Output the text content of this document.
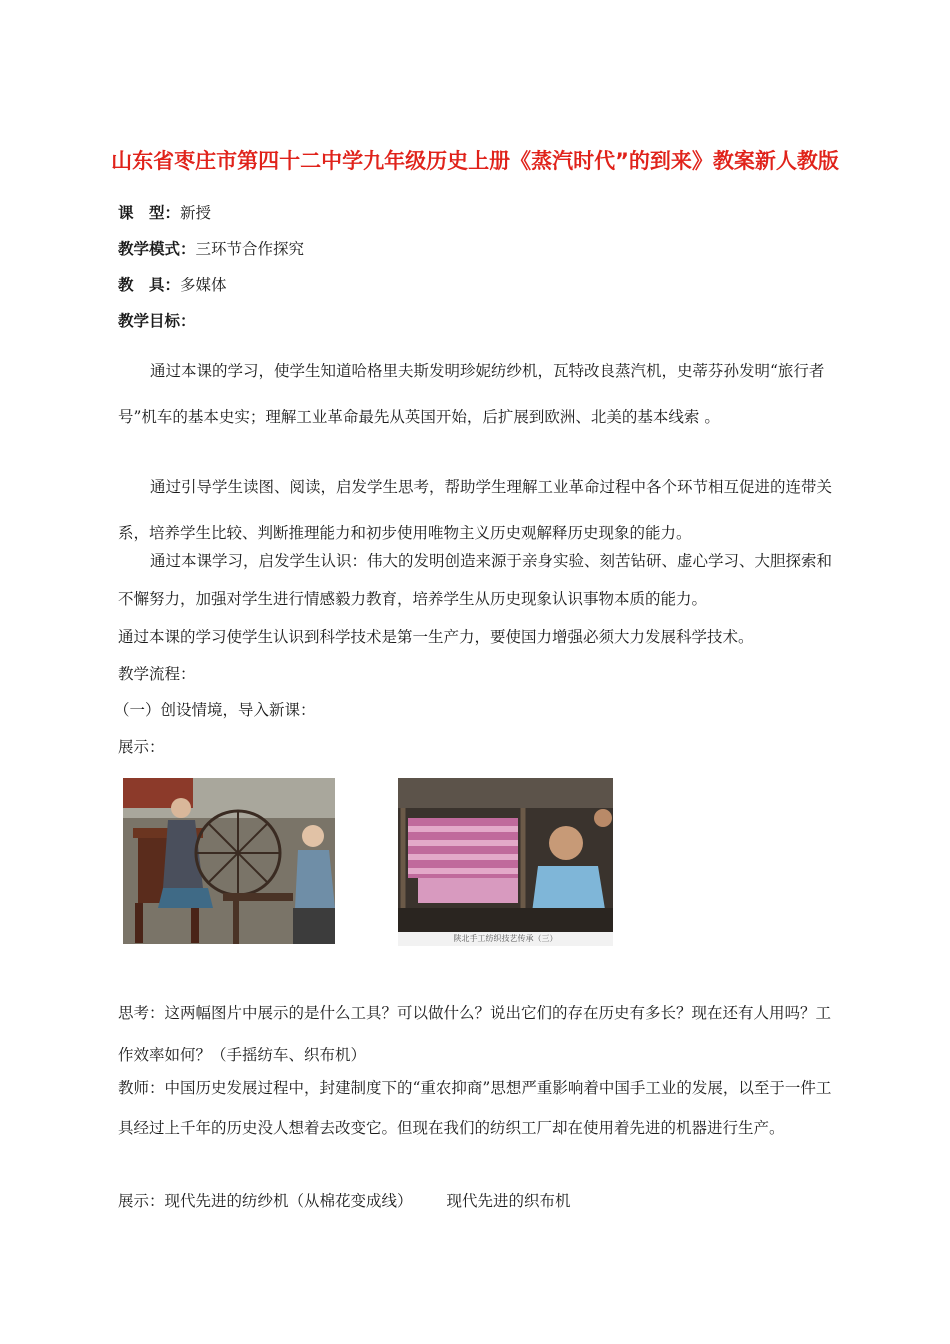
山东省枣庄市第四十二中学九年级历史上册《蒸汽时代”的到来》教案新人教版
课　型：新授
教学模式：三环节合作探究
教　具：多媒体
教学目标：
通过本课的学习，使学生知道哈格里夫斯发明珍妮纺纱机，瓦特改良蒸汽机，史蒂芬孙发明“旅行者号”机车的基本史实；理解工业革命最先从英国开始，后扩展到欧洲、北美的基本线索 。
通过引导学生读图、阅读，启发学生思考，帮助学生理解工业革命过程中各个环节相互促进的连带关系，培养学生比较、判断推理能力和初步使用唯物主义历史观解释历史现象的能力。
通过本课学习，启发学生认识：伟大的发明创造来源于亲身实验、刻苦钻研、虚心学习、大胆探索和不懈努力，加强对学生进行情感毅力教育，培养学生从历史现象认识事物本质的能力。
通过本课的学习使学生认识到科学技术是第一生产力，要使国力增强必须大力发展科学技术。
教学流程：
（一）创设情境，导入新课：
展示：
陕北手工纺织技艺传承（三）
思考：这两幅图片中展示的是什么工具？可以做什么？说出它们的存在历史有多长？现在还有人用吗？工作效率如何？（手摇纺车、织布机）
教师：中国历史发展过程中，封建制度下的“重农抑商”思想严重影响着中国手工业的发展，以至于一件工具经过上千年的历史没人想着去改变它。但现在我们的纺织工厂却在使用着先进的机器进行生产。
展示：现代先进的纺纱机（从棉花变成线） 现代先进的织布机
